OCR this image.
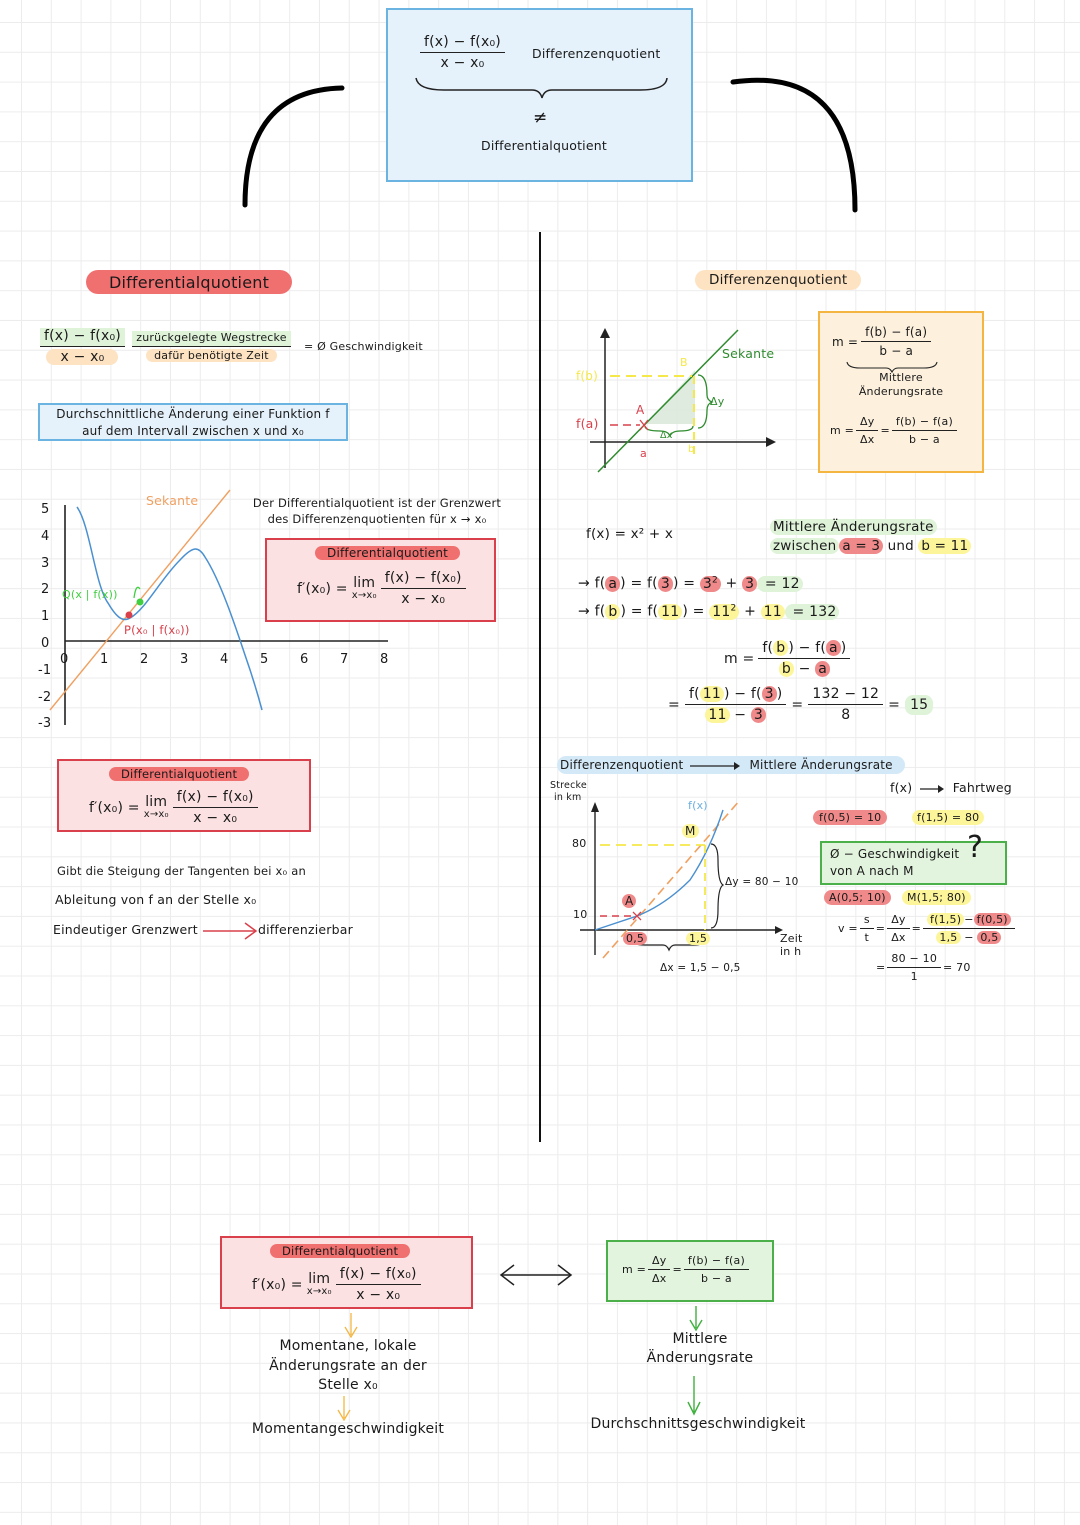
$\frac{\text{f(x) − f(x₀)}}{\text{x − x₀}}$ Differenzenquotient
≠
Differentialquotient
Differentialquotient
$\frac{\text{f(x) − f(x₀)}}{\text{x − x₀}}$
$\frac{\text{zurückgelegte Wegstrecke}}{\text{dafür benötigte Zeit}}$ = Ø Geschwindigkeit
Durchschnittliche Änderung einer Funktion f
auf dem Intervall zwischen x und x₀
5
4
3
2
1
0
-1
-2
-3
0	1	2	3	4	5	6	7	8
Sekante
Q(x | f(x))
P(x₀ | f(x₀))
Der Differentialquotient ist der Grenzwert
des Differenzenquotienten für x → x₀
Differentialquotient
f′(x₀) = lim
$x\to x_0 \frac{\text{f(x) − f(x₀)}}{\text{x − x₀}}$
Differentialquotient
f′(x₀) = lim
$x\to x_0 \frac{\text{f(x) − f(x₀)}}{\text{x − x₀}}$
Gibt die Steigung der Tangenten bei x₀ an
Ableitung von f an der Stelle x₀
Eindeutiger Grenzwert	differenzierbar
Differenzenquotient
Sekante
f(b)
f(a)
A
B
Δy
Δx
a	b
$m = \frac{f(b) - f(a)}{b - a}$
Mittlere
Änderungsrate
$m = \frac{\Delta y}{\Delta x} = \frac{f(b) - f(a)}{b - a}$
f(x) = x² + x	Mittlere Änderungsrate
zwischen a = 3 und b = 11
→ f( a ) = f( 3 ) = $3^2 + 3 = 12$
→ f( b ) = f( 11 ) = $11^2 + 11 = 132$
$m = \frac{f( b ) - f( a )}{b - a}$
= $\frac{f( 11 ) - f( 3 )}{11 - 3} = \frac{132 - 12}{8} = 15$
Differenzenquotient	Mittlere Änderungsrate
Strecke
in km
Zeit
in h
80
10
0,5	1,5
f(x)
M
A
Δy = 80 − 10
Δx = 1,5 − 0,5
f(x)	Fahrtweg
f(0,5) = 10	f(1,5) = 80
Ø − Geschwindigkeit
von A nach M
?
A(0,5; 10)	M(1,5; 80)
$v = \frac{s}{t} = \frac{\Delta y}{\Delta x} = \frac{f(1,5) - f(0,5)}{1,5 - 0,5}$
= $\frac{80 - 10}{1} = 70$
Differentialquotient
f′(x₀) = lim
$x\to x_0 \frac{\text{f(x) − f(x₀)}}{\text{x − x₀}}$	$m = \frac{\Delta y}{\Delta x} = \frac{f(b) - f(a)}{b - a}$
Momentane, lokale
Änderungsrate an der
Stelle x₀
Momentangeschwindigkeit
Mittlere
Änderungsrate
Durchschnittsgeschwindigkeit
